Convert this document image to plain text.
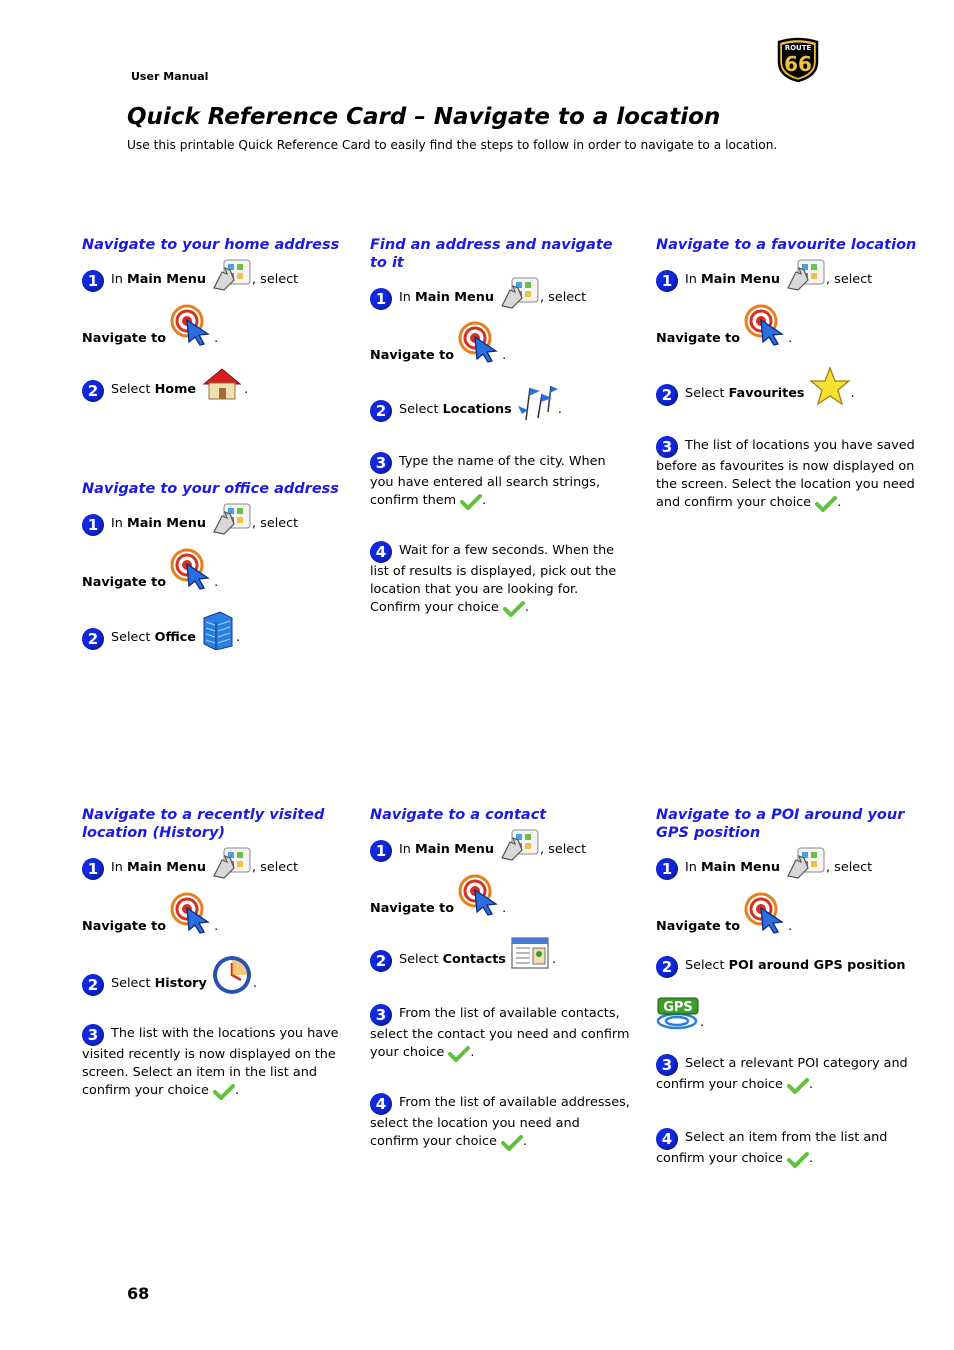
User Manual
ROUTE
66
Quick Reference Card – Navigate to a location
Use this printable Quick Reference Card to easily find the steps to follow in order to navigate to a location.
Navigate to your home address
1 In Main Menu	, select
Navigate to	.
2 Select Home	.
Navigate to your office address
1 In Main Menu	, select
Navigate to	.
2 Select Office	.
Find an address and navigate
to it
1 In Main Menu	, select
Navigate to	.
2 Select Locations	.
3 Type the name of the city. When you have entered all search strings, confirm them .
4 Wait for a few seconds. When the list of results is displayed, pick out the location that you are looking for. Confirm your choice .
Navigate to a favourite location
1 In Main Menu	, select
Navigate to	.
2 Select Favourites	.
3 The list of locations you have saved before as favourites is now displayed on the screen. Select the location you need and confirm your choice .
Navigate to a recently visited
location (History)
1 In Main Menu	, select
Navigate to	.
2 Select History	.
3 The list with the locations you have visited recently is now displayed on the screen. Select an item in the list and confirm your choice .
Navigate to a contact
1 In Main Menu	, select
Navigate to	.
2 Select Contacts	.
3 From the list of available contacts, select the contact you need and confirm your choice .
4 From the list of available addresses, select the location you need and confirm your choice .
Navigate to a POI around your
GPS position
1 In Main Menu	, select
Navigate to	.
2 Select POI around GPS position
GPS
.
3 Select a relevant POI category and confirm your choice .
4 Select an item from the list and confirm your choice .
68
